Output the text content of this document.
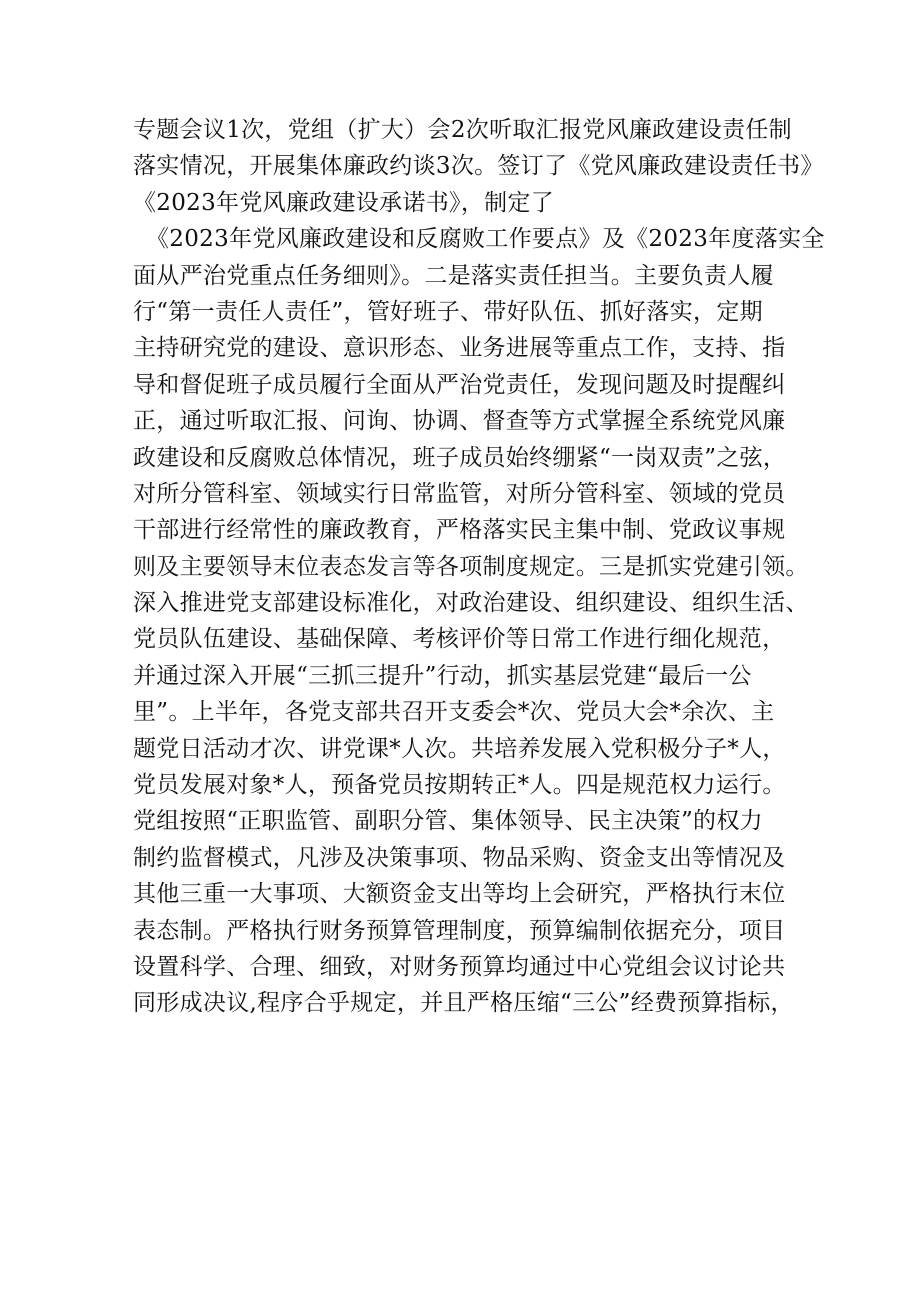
专题会议1次，党组（扩大）会2次听取汇报党风廉政建设责任制
落实情况，开展集体廉政约谈3次。签订了《党风廉政建设责任书》
《2023年党风廉政建设承诺书》，制定了
《2023年党风廉政建设和反腐败工作要点》及《2023年度落实全
面从严治党重点任务细则》。二是落实责任担当。主要负责人履
行“第一责任人责任”，管好班子、带好队伍、抓好落实，定期
主持研究党的建设、意识形态、业务进展等重点工作，支持、指
导和督促班子成员履行全面从严治党责任，发现问题及时提醒纠
正，通过听取汇报、问询、协调、督查等方式掌握全系统党风廉
政建设和反腐败总体情况，班子成员始终绷紧“一岗双责”之弦，
对所分管科室、领域实行日常监管，对所分管科室、领域的党员
干部进行经常性的廉政教育，严格落实民主集中制、党政议事规
则及主要领导末位表态发言等各项制度规定。三是抓实党建引领。
深入推进党支部建设标准化，对政治建设、组织建设、组织生活、
党员队伍建设、基础保障、考核评价等日常工作进行细化规范，
并通过深入开展“三抓三提升”行动，抓实基层党建“最后一公
里”。上半年，各党支部共召开支委会*次、党员大会*余次、主
题党日活动才次、讲党课*人次。共培养发展入党积极分子*人，
党员发展对象*人，预备党员按期转正*人。四是规范权力运行。
党组按照“正职监管、副职分管、集体领导、民主决策”的权力
制约监督模式，凡涉及决策事项、物品采购、资金支出等情况及
其他三重一大事项、大额资金支出等均上会研究，严格执行末位
表态制。严格执行财务预算管理制度，预算编制依据充分，项目
设置科学、合理、细致，对财务预算均通过中心党组会议讨论共
同形成决议,程序合乎规定，并且严格压缩“三公”经费预算指标，
